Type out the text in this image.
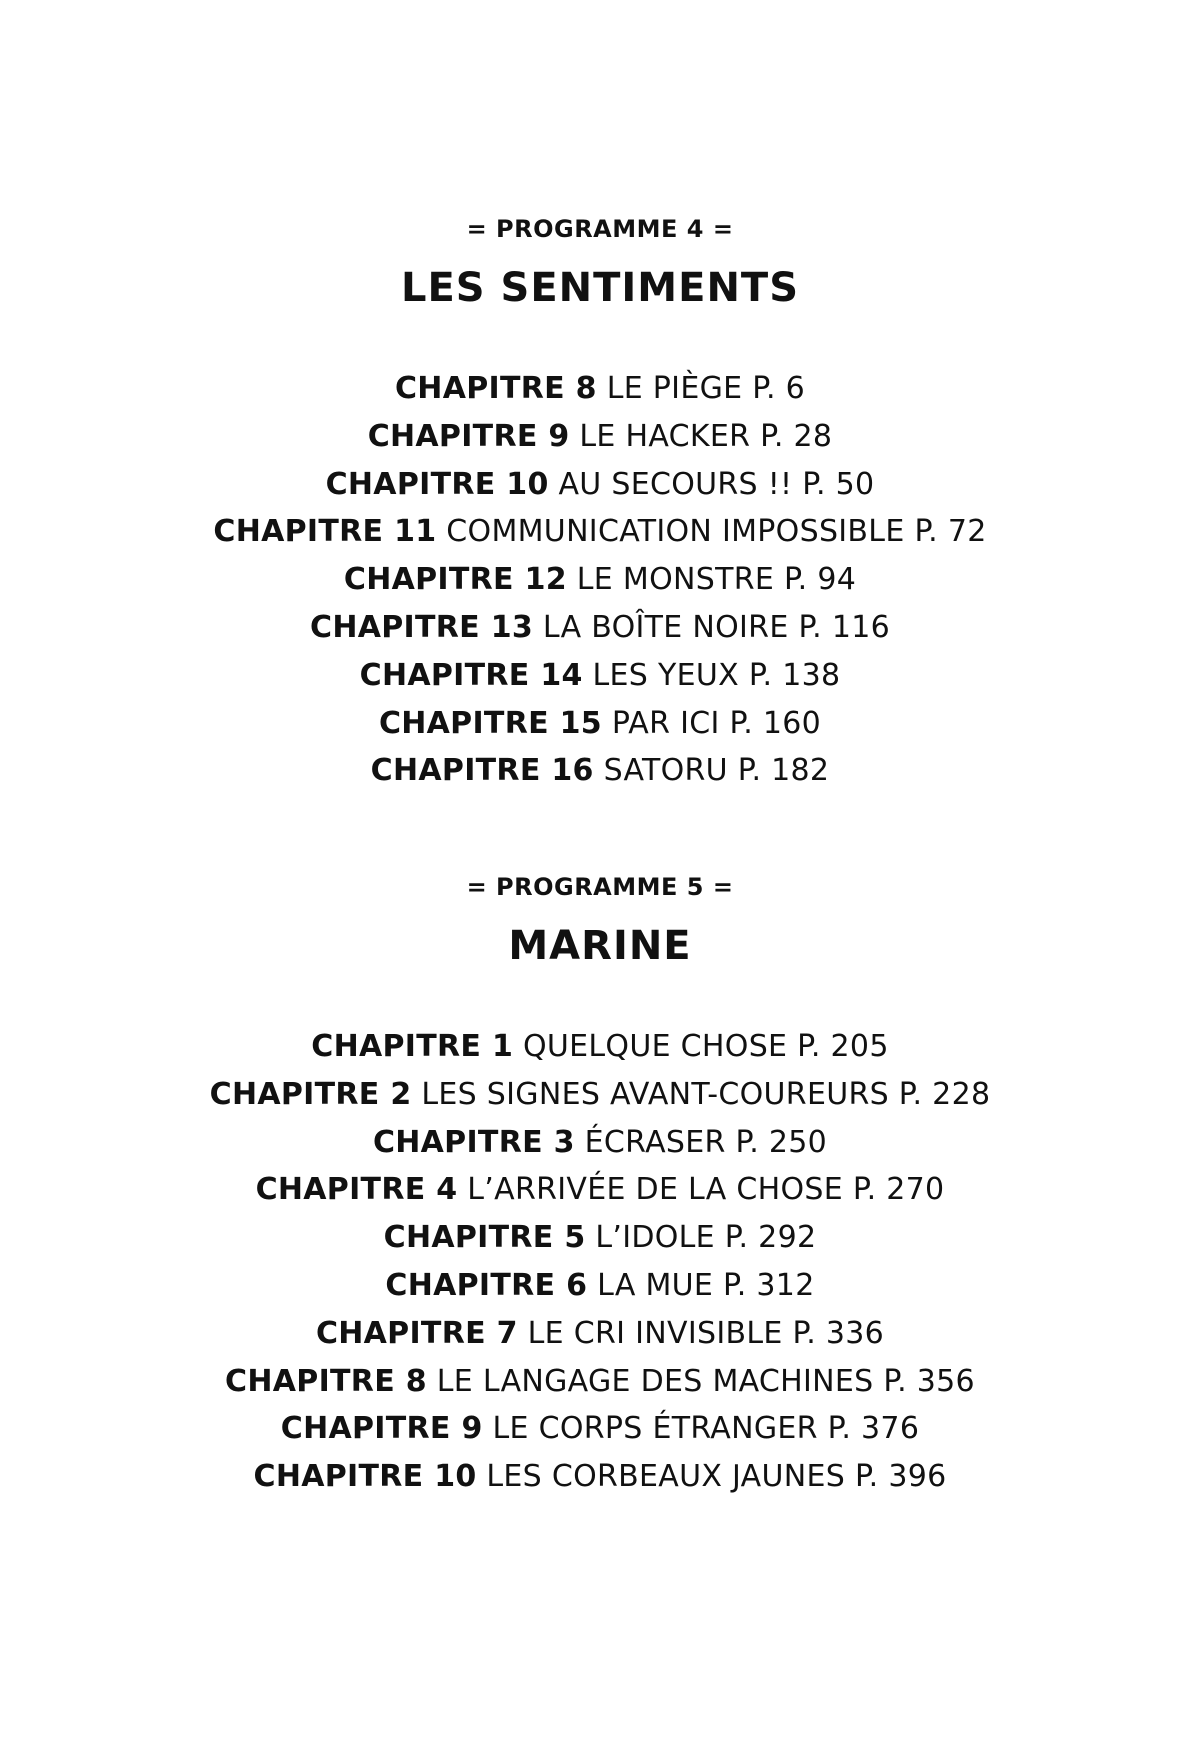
= PROGRAMME 4 =
LES SENTIMENTS
CHAPITRE 8 LE PIÈGE P. 6
CHAPITRE 9 LE HACKER P. 28
CHAPITRE 10 AU SECOURS !! P. 50
CHAPITRE 11 COMMUNICATION IMPOSSIBLE P. 72
CHAPITRE 12 LE MONSTRE P. 94
CHAPITRE 13 LA BOÎTE NOIRE P. 116
CHAPITRE 14 LES YEUX P. 138
CHAPITRE 15 PAR ICI P. 160
CHAPITRE 16 SATORU P. 182
= PROGRAMME 5 =
MARINE
CHAPITRE 1 QUELQUE CHOSE P. 205
CHAPITRE 2 LES SIGNES AVANT-COUREURS P. 228
CHAPITRE 3 ÉCRASER P. 250
CHAPITRE 4 L’ARRIVÉE DE LA CHOSE P. 270
CHAPITRE 5 L’IDOLE P. 292
CHAPITRE 6 LA MUE P. 312
CHAPITRE 7 LE CRI INVISIBLE P. 336
CHAPITRE 8 LE LANGAGE DES MACHINES P. 356
CHAPITRE 9 LE CORPS ÉTRANGER P. 376
CHAPITRE 10 LES CORBEAUX JAUNES P. 396
